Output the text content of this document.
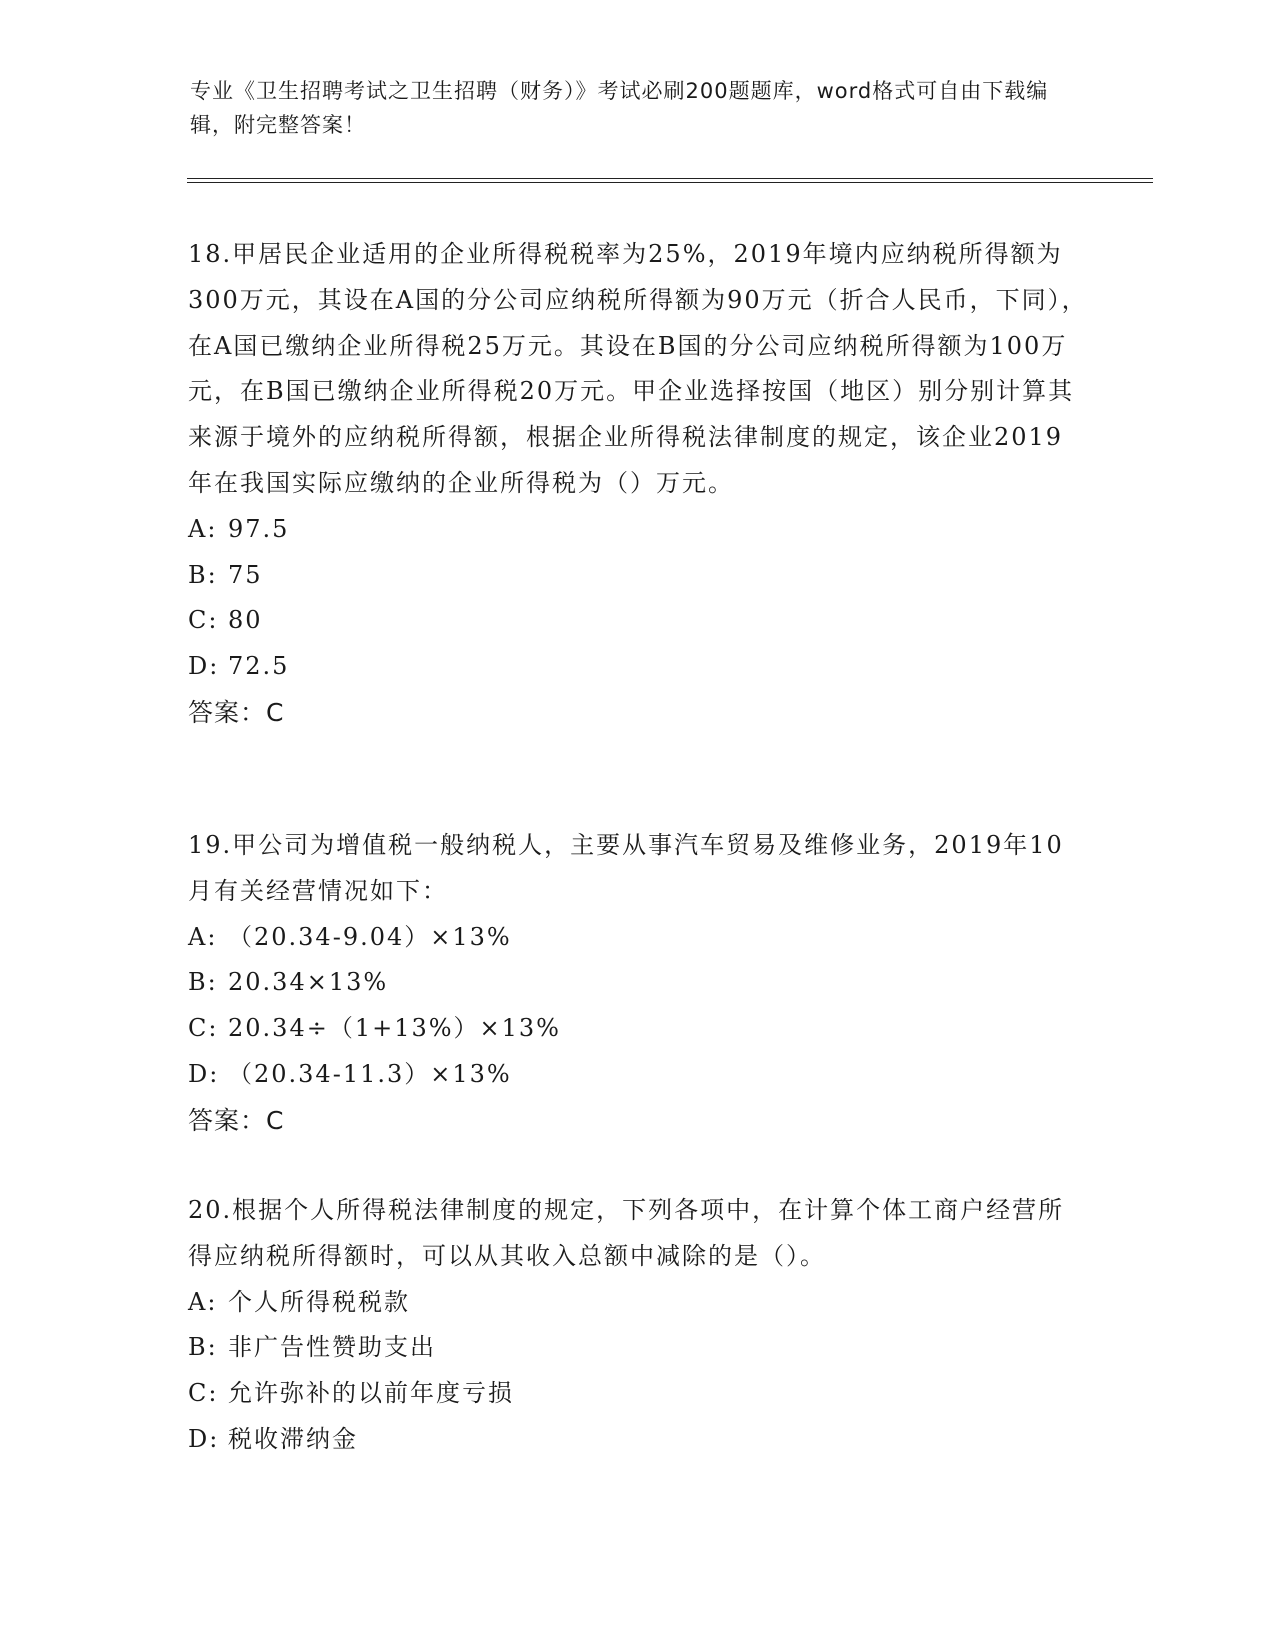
专业《卫生招聘考试之卫生招聘（财务）》考试必刷200题题库，word格式可自由下载编辑，附完整答案！

18.甲居民企业适用的企业所得税税率为25%，2019年境内应纳税所得额为300万元，其设在A国的分公司应纳税所得额为90万元（折合人民币，下同），在A国已缴纳企业所得税25万元。其设在B国的分公司应纳税所得额为100万元，在B国已缴纳企业所得税20万元。甲企业选择按国（地区）别分别计算其来源于境外的应纳税所得额，根据企业所得税法律制度的规定，该企业2019年在我国实际应缴纳的企业所得税为（）万元。

A: 97.5

B: 75

C: 80

D: 72.5

答案：C

19.甲公司为增值税一般纳税人，主要从事汽车贸易及维修业务，2019年10月有关经营情况如下：

A: （20.34-9.04）×13%

B: 20.34×13%

C: 20.34÷（1+13%）×13%

D: （20.34-11.3）×13%

答案：C

20.根据个人所得税法律制度的规定，下列各项中，在计算个体工商户经营所得应纳税所得额时，可以从其收入总额中减除的是（）。

A: 个人所得税税款

B: 非广告性赞助支出

C: 允许弥补的以前年度亏损

D: 税收滞纳金
